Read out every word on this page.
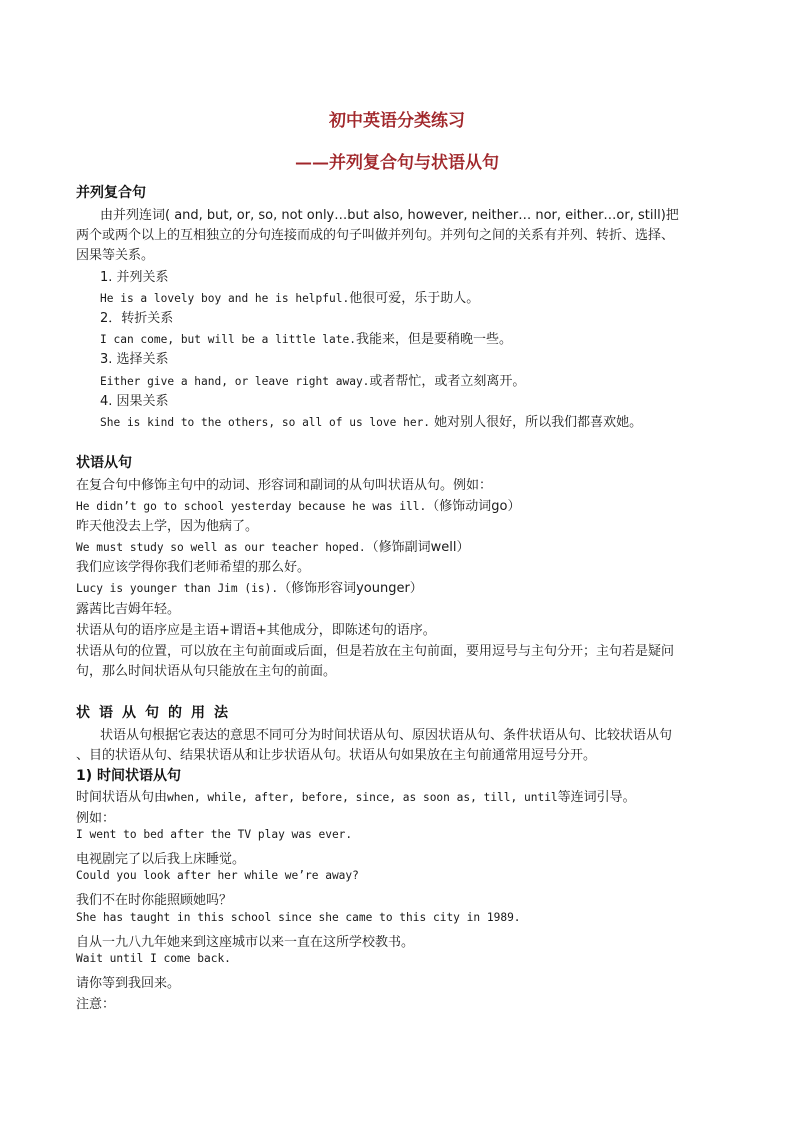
初中英语分类练习
——并列复合句与状语从句
并列复合句
由并列连词( and, but, or, so, not only…but also, however, neither… nor, either…or, still)把
两个或两个以上的互相独立的分句连接而成的句子叫做并列句。并列句之间的关系有并列、转折、选择、
因果等关系。
1. 并列关系
He is a lovely boy and he is helpful.他很可爱，乐于助人。
2．转折关系
I can come, but will be a little late.我能来，但是要稍晚一些。
3. 选择关系
Either give a hand, or leave right away.或者帮忙，或者立刻离开。
4. 因果关系
She is kind to the others, so all of us love her. 她对别人很好，所以我们都喜欢她。
状语从句
在复合句中修饰主句中的动词、形容词和副词的从句叫状语从句。例如：
He didn’t go to school yesterday because he was ill.（修饰动词go）
昨天他没去上学，因为他病了。
We must study so well as our teacher hoped.（修饰副词well）
我们应该学得你我们老师希望的那么好。
Lucy is younger than Jim (is).（修饰形容词younger）
露茜比吉姆年轻。
状语从句的语序应是主语+谓语+其他成分，即陈述句的语序。
状语从句的位置，可以放在主句前面或后面，但是若放在主句前面，要用逗号与主句分开；主句若是疑问
句，那么时间状语从句只能放在主句的前面。
状语从句的用法
状语从句根据它表达的意思不同可分为时间状语从句、原因状语从句、条件状语从句、比较状语从句
、目的状语从句、结果状语从和让步状语从句。状语从句如果放在主句前通常用逗号分开。
1) 时间状语从句
时间状语从句由when, while, after, before, since, as soon as, till, until等连词引导。
例如：
I went to bed after the TV play was ever.
电视剧完了以后我上床睡觉。
Could you look after her while we’re away?
我们不在时你能照顾她吗？
She has taught in this school since she came to this city in 1989.
自从一九八九年她来到这座城市以来一直在这所学校教书。
Wait until I come back.
请你等到我回来。
注意：
